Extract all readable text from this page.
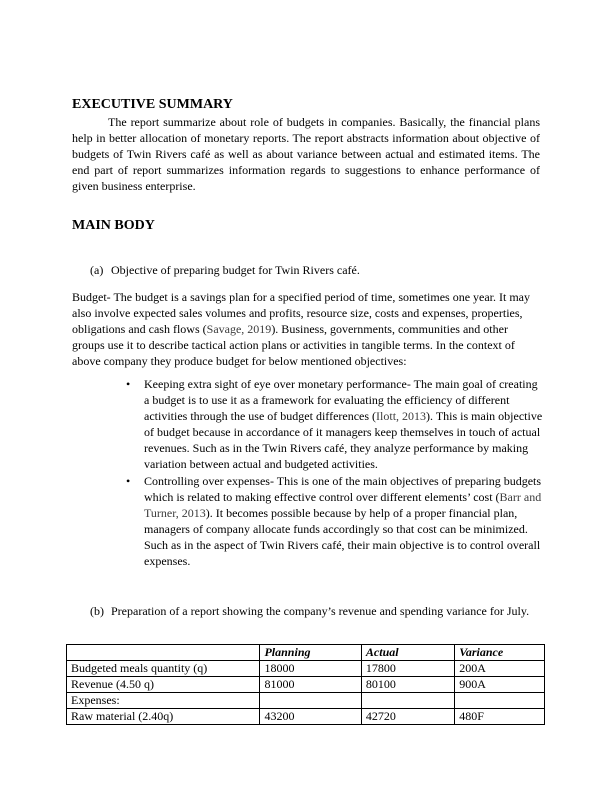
EXECUTIVE SUMMARY

The report summarize about role of budgets in companies. Basically, the financial plans help in better allocation of monetary reports. The report abstracts information about objective of budgets of Twin Rivers café as well as about variance between actual and estimated items. The end part of report summarizes information regards to suggestions to enhance performance of given business enterprise.

MAIN BODY

(a) Objective of preparing budget for Twin Rivers café.

Budget- The budget is a savings plan for a specified period of time, sometimes one year. It may also involve expected sales volumes and profits, resource size, costs and expenses, properties, obligations and cash flows (Savage, 2019). Business, governments, communities and other groups use it to describe tactical action plans or activities in tangible terms. In the context of above company they produce budget for below mentioned objectives:

• Keeping extra sight of eye over monetary performance- The main goal of creating a budget is to use it as a framework for evaluating the efficiency of different activities through the use of budget differences (Ilott, 2013). This is main objective of budget because in accordance of it managers keep themselves in touch of actual revenues. Such as in the Twin Rivers café, they analyze performance by making variation between actual and budgeted activities.
• Controlling over expenses- This is one of the main objectives of preparing budgets which is related to making effective control over different elements’ cost (Barr and Turner, 2013). It becomes possible because by help of a proper financial plan, managers of company allocate funds accordingly so that cost can be minimized. Such as in the aspect of Twin Rivers café, their main objective is to control overall expenses.

(b) Preparation of a report showing the company’s revenue and spending variance for July.

	Planning	Actual	Variance
Budgeted meals quantity (q)	18000	17800	200A
Revenue (4.50 q)	81000	80100	900A
Expenses:			
Raw material (2.40q)	43200	42720	480F
